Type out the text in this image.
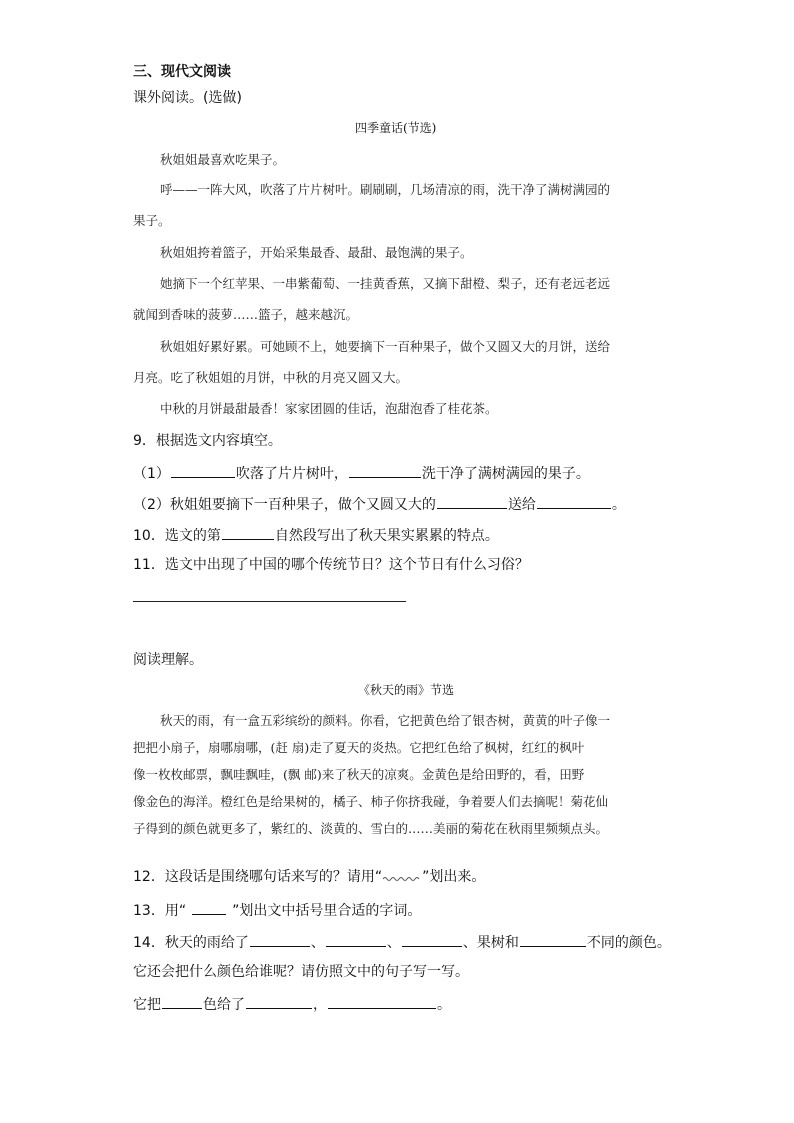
三、现代文阅读
课外阅读。(选做)
四季童话(节选)
秋姐姐最喜欢吃果子。
呼——一阵大风，吹落了片片树叶。刷刷刷，几场清凉的雨，洗干净了满树满园的
果子。
秋姐姐挎着篮子，开始采集最香、最甜、最饱满的果子。
她摘下一个红苹果、一串紫葡萄、一挂黄香蕉，又摘下甜橙、梨子，还有老远老远
就闻到香味的菠萝……篮子，越来越沉。
秋姐姐好累好累。可她顾不上，她要摘下一百种果子，做个又圆又大的月饼，送给
月亮。吃了秋姐姐的月饼，中秋的月亮又圆又大。
中秋的月饼最甜最香！家家团圆的佳话，泡甜泡香了桂花茶。
9．根据选文内容填空。
（1）	吹落了片片树叶，	洗干净了满树满园的果子。
（2）秋姐姐要摘下一百种果子，做个又圆又大的	送给	。
10．选文的第	自然段写出了秋天果实累累的特点。
11．选文中出现了中国的哪个传统节日？这个节日有什么习俗？
阅读理解。
《秋天的雨》节选
秋天的雨，有一盒五彩缤纷的颜料。你看，它把黄色给了银杏树，黄黄的叶子像一
把把小扇子，扇哪扇哪，(赶 扇)走了夏天的炎热。它把红色给了枫树，红红的枫叶
像一枚枚邮票，飘哇飘哇，(飘 邮)来了秋天的凉爽。金黄色是给田野的，看，田野
像金色的海洋。橙红色是给果树的，橘子、柿子你挤我碰，争着要人们去摘呢！菊花仙
子得到的颜色就更多了，紫红的、淡黄的、雪白的……美丽的菊花在秋雨里频频点头。
12．这段话是围绕哪句话来写的？请用“	”划出来。
13．用“	”划出文中括号里合适的字词。
14．秋天的雨给了	、	、	、果树和	不同的颜色。
它还会把什么颜色给谁呢？请仿照文中的句子写一写。
它把	色给了	，	。
